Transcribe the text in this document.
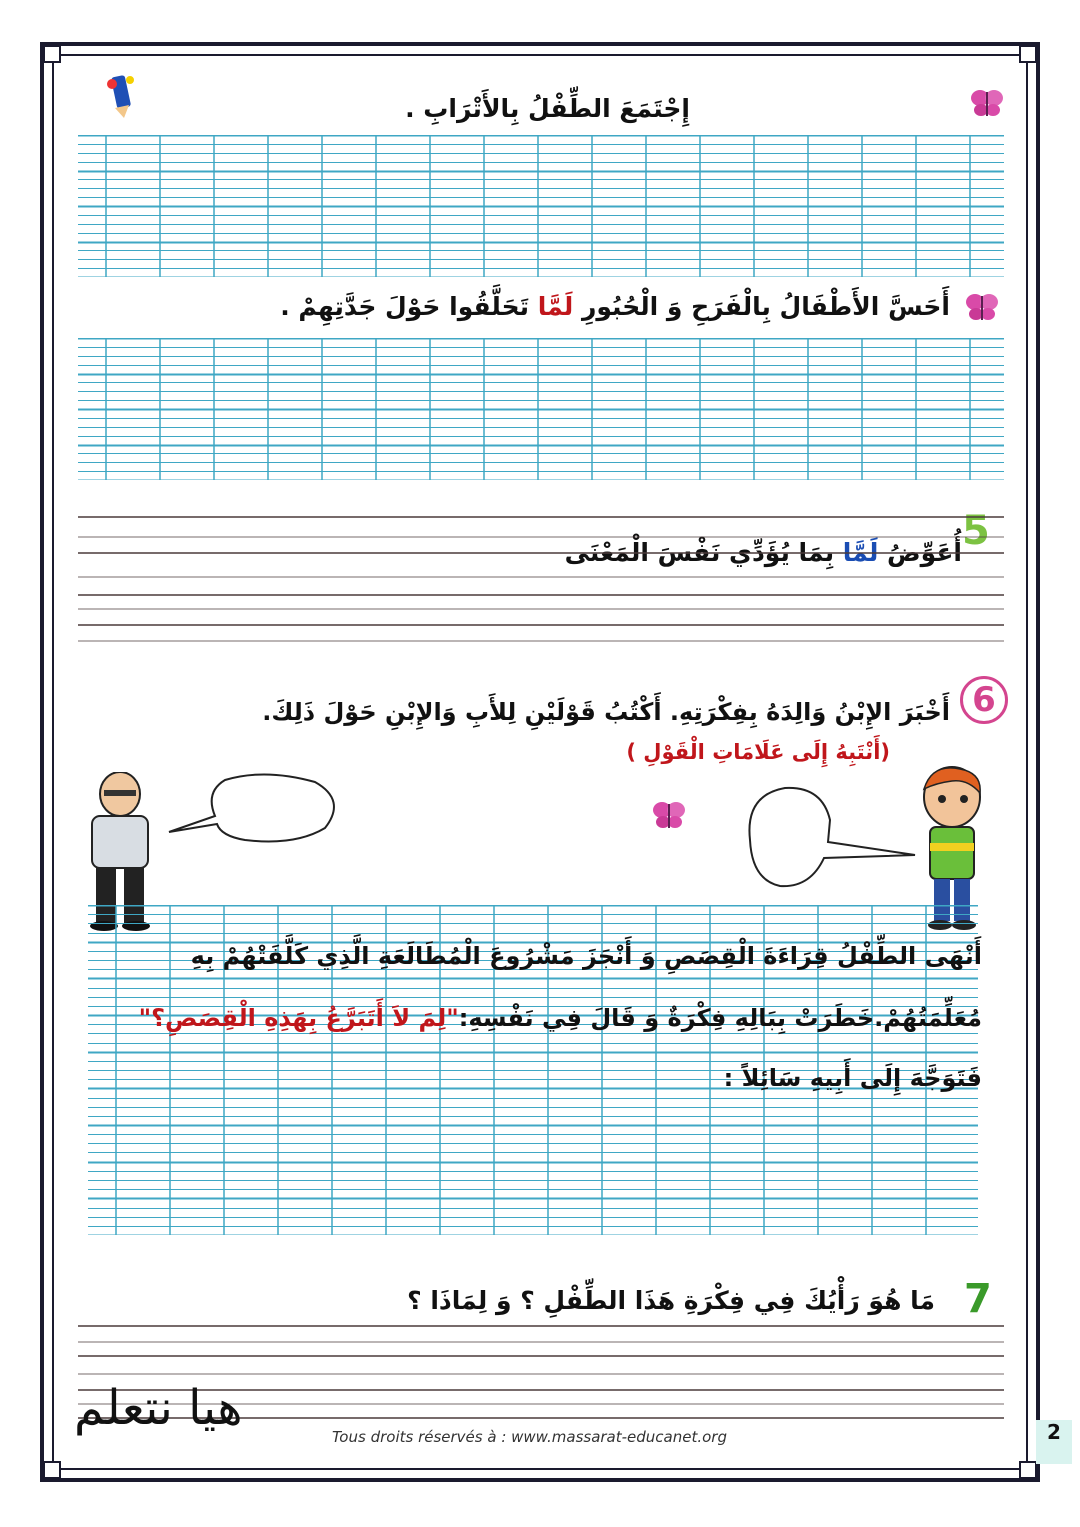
إِجْتَمَعَ الطِّفْلُ بِالأَتْرَابِ .
أَحَسَّ الأَطْفَالُ بِالْفَرَحِ وَ الْحُبُورِ لَمَّا تَحَلَّقُوا حَوْلَ جَدَّتِهِمْ .
5
أُعَوِّضُ لَمَّا بِمَا يُؤَدِّي نَفْسَ الْمَعْنَى
6
أَخْبَرَ الإِبْنُ وَالِدَهُ بِفِكْرَتِهِ. أَكْتُبُ قَوْلَيْنِ لِلأَبِ وَالإِبْنِ حَوْلَ ذَلِكَ.
(أَنْتَبِهُ إِلَى عَلَامَاتِ الْقَوْلِ )
أَنْهَى الطِّفْلُ قِرَاءَةَ الْقِصَصِ وَ أَنْجَزَ مَشْرُوعَ الْمُطَالَعَةِ الَّذِي كَلَّفَتْهُمْ بِهِ
مُعَلِّمَتُهُمْ.خَطَرَتْ بِبَالِهِ فِكْرَةٌ وَ قَالَ فِي نَفْسِهِ:"لِمَ لاَ أَتَبَرَّعُ بِهَذِهِ الْقِصَصِ؟"
فَتَوَجَّهَ إِلَى أَبِيهِ سَائِلاً :
7
مَا هُوَ رَأْيُكَ فِي فِكْرَةِ هَذَا الطِّفْلِ ؟ وَ لِمَاذَا ؟
هيا نتعلم
Tous droits réservés à : www.massarat-educanet.org	2
